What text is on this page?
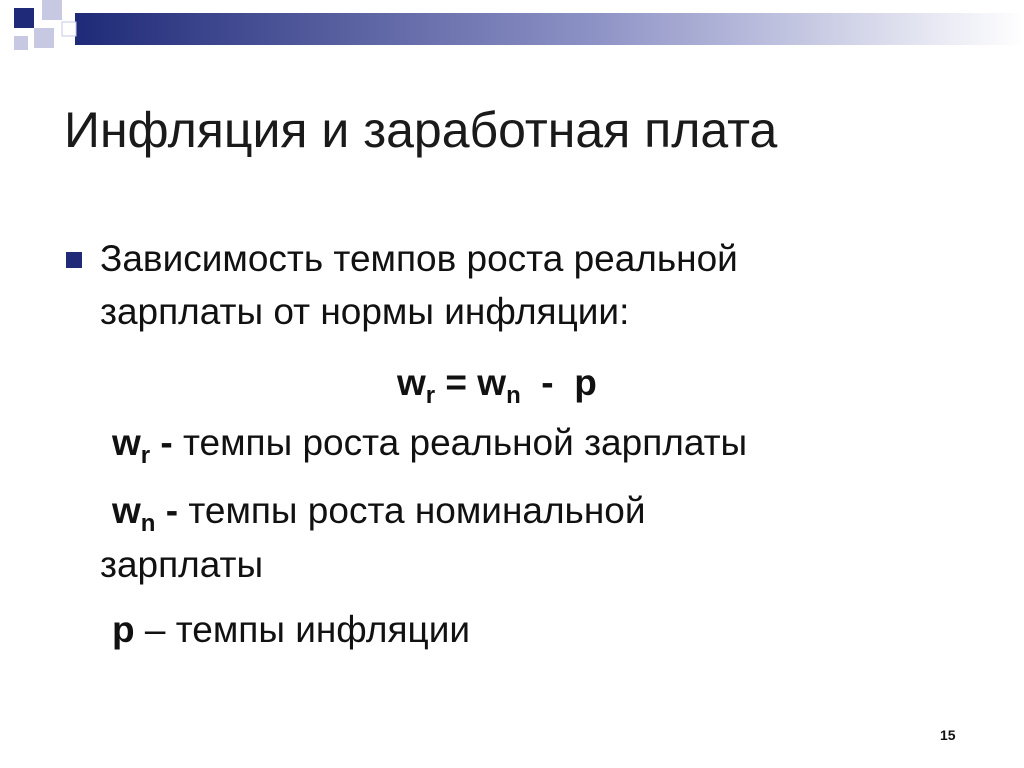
Инфляция и заработная плата
Зависимость темпов роста реальной
зарплаты от нормы инфляции:
$w_r = w_n - p$
$w_r$ - темпы роста реальной зарплаты
$w_n$ - темпы роста номинальной
зарплаты
p – темпы инфляции
15
